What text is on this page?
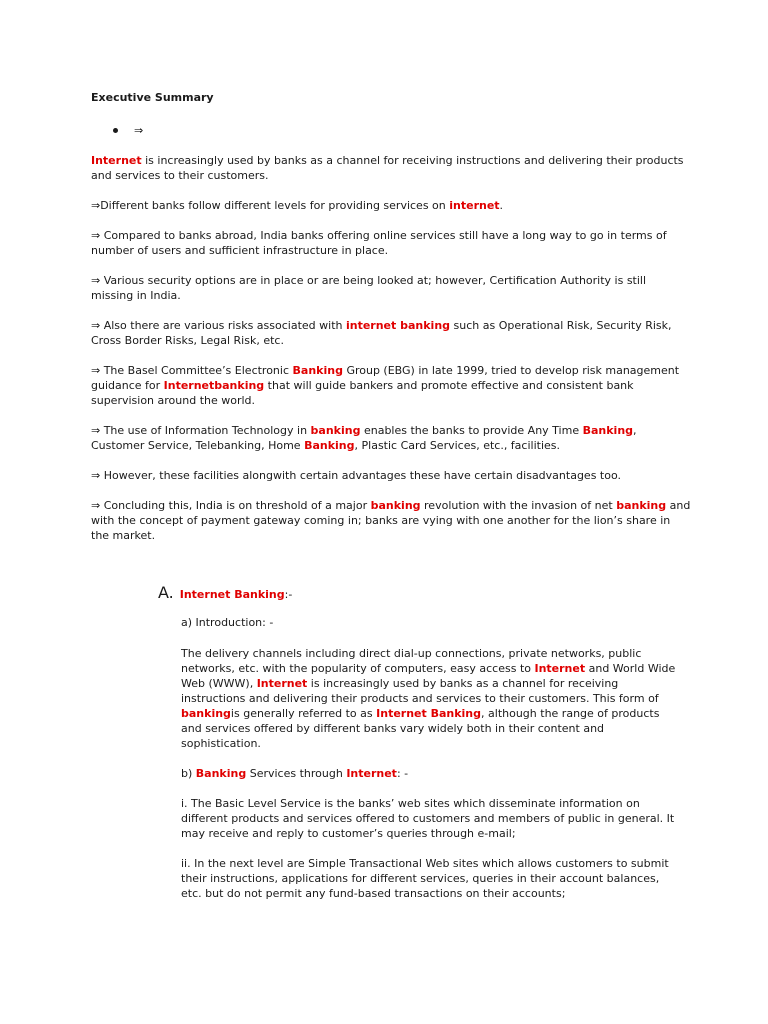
Executive Summary
⇒

Internet is increasingly used by banks as a channel for receiving instructions and delivering their products and services to their customers.

⇒Different banks follow different levels for providing services on internet.

⇒ Compared to banks abroad, India banks offering online services still have a long way to go in terms of number of users and sufficient infrastructure in place.

⇒ Various security options are in place or are being looked at; however, Certification Authority is still missing in India.

⇒ Also there are various risks associated with internet banking such as Operational Risk, Security Risk, Cross Border Risks, Legal Risk, etc.

⇒ The Basel Committee’s Electronic Banking Group (EBG) in late 1999, tried to develop risk management guidance for Internetbanking that will guide bankers and promote effective and consistent bank supervision around the world.

⇒ The use of Information Technology in banking enables the banks to provide Any Time Banking, Customer Service, Telebanking, Home Banking, Plastic Card Services, etc., facilities.

⇒ However, these facilities alongwith certain advantages these have certain disadvantages too.

⇒ Concluding this, India is on threshold of a major banking revolution with the invasion of net banking and with the concept of payment gateway coming in; banks are vying with one another for the lion’s share in the market.

A. Internet Banking:-

a) Introduction: -

The delivery channels including direct dial-up connections, private networks, public networks, etc. with the popularity of computers, easy access to Internet and World Wide Web (WWW), Internet is increasingly used by banks as a channel for receiving instructions and delivering their products and services to their customers. This form of bankingis generally referred to as Internet Banking, although the range of products and services offered by different banks vary widely both in their content and sophistication.

b) Banking Services through Internet: -

i. The Basic Level Service is the banks’ web sites which disseminate information on different products and services offered to customers and members of public in general. It may receive and reply to customer’s queries through e-mail;

ii. In the next level are Simple Transactional Web sites which allows customers to submit their instructions, applications for different services, queries in their account balances, etc. but do not permit any fund-based transactions on their accounts;
